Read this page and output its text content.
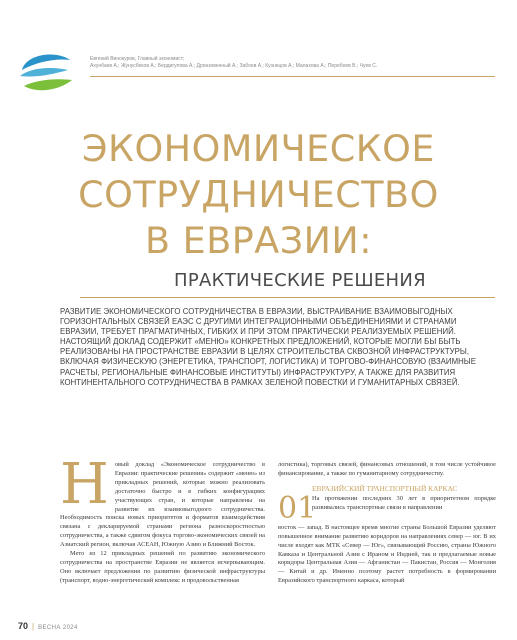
Евгений Винокуров, Главный экономист;
Ахунбаев А.; Жунусбеков А.; Бердигулова А.; Дронзовенный А.; Забоев А.; Кузнецов А.; Малахова А.; Перебоев В.; Чуев С.
ЭКОНОМИЧЕСКОЕ
СОТРУДНИЧЕСТВО
В ЕВРАЗИИ:
ПРАКТИЧЕСКИЕ РЕШЕНИЯ
РАЗВИТИЕ ЭКОНОМИЧЕСКОГО СОТРУДНИЧЕСТВА В ЕВРАЗИИ, ВЫСТРАИВАНИЕ ВЗАИМОВЫГОДНЫХ ГОРИЗОНТАЛЬНЫХ СВЯЗЕЙ ЕАЭС С ДРУГИМИ ИНТЕГРАЦИОННЫМИ ОБЪЕДИНЕНИЯМИ И СТРАНАМИ ЕВРАЗИИ, ТРЕБУЕТ ПРАГМАТИЧНЫХ, ГИБКИХ И ПРИ ЭТОМ ПРАКТИЧЕСКИ РЕАЛИЗУЕМЫХ РЕШЕНИЙ. НАСТОЯЩИЙ ДОКЛАД СОДЕРЖИТ «МЕНЮ» КОНКРЕТНЫХ ПРЕДЛОЖЕНИЙ, КОТОРЫЕ МОГЛИ БЫ БЫТЬ РЕАЛИЗОВАНЫ НА ПРОСТРАНСТВЕ ЕВРАЗИИ В ЦЕЛЯХ СТРОИТЕЛЬСТВА СКВОЗНОЙ ИНФРАСТРУКТУРЫ, ВКЛЮЧАЯ ФИЗИЧЕСКУЮ (ЭНЕРГЕТИКА, ТРАНСПОРТ, ЛОГИСТИКА) И ТОРГОВО-ФИНАНСОВУЮ (ВЗАИМНЫЕ РАСЧЕТЫ, РЕГИОНАЛЬНЫЕ ФИНАНСОВЫЕ ИНСТИТУТЫ) ИНФРАСТРУКТУРУ, А ТАКЖЕ ДЛЯ РАЗВИТИЯ КОНТИНЕНТАЛЬНОГО СОТРУДНИЧЕСТВА В РАМКАХ ЗЕЛЕНОЙ ПОВЕСТКИ И ГУМАНИТАРНЫХ СВЯЗЕЙ.

Новый доклад «Экономическое сотрудничество в Евразии: практические решения» содержит «меню» из прикладных решений, которые можно реализовать достаточно быстро и в гибких конфигурациях участвующих стран, и которые направлены на развитие их взаимовыгодного сотрудничества. Необходимость поиска новых приоритетов и форматов взаимодействия связана с декларируемой странами региона разноскоростностью сотрудничества, а также сдвигом фокуса торгово-экономических связей на Азиатский регион, включая АСЕАН, Южную Азию и Ближний Восток.

Мето из 12 прикладных решений по развитию экономического сотрудничества на пространстве Евразии не является исчерпывающим. Оно включает предложения по развитию физической инфраструктуры (транспорт, водно-энергетический комплекс и продовольственная

логистика), торговых связей, финансовых отношений, в том числе устойчивое финансирование, а также по гуманитарному сотрудничеству.

01
ЕВРАЗИЙСКИЙ ТРАНСПОРТНЫЙ КАРКАС

На протяжении последних 30 лет в приоритетном порядке развивались транспортные связи в направлении

восток — запад. В настоящее время многие страны Большой Евразии уделяют повышенное внимание развитию коридоров на направлениях север — юг. В их числе входят как МТК «Север — Юг», связывающий Россию, страны Южного Кавказа и Центральной Азии с Ираном и Индией, так и предлагаемые новые коридоры Центральная Азия — Афганистан — Пакистан, Россия — Монголия — Китай и др. Именно поэтому растет потребность в формировании Евразийского транспортного каркаса, который

70 | ВЕСНА 2024
